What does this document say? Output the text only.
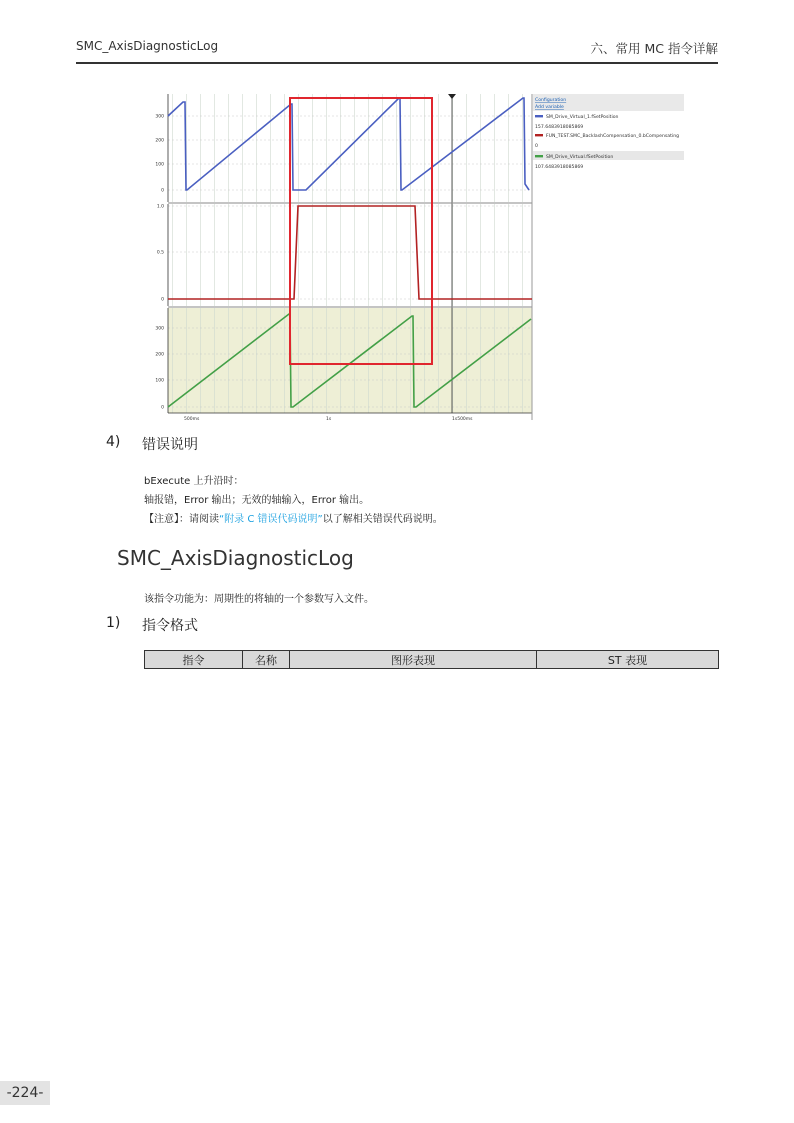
SMC_AxisDiagnosticLog	六、常用 MC 指令详解
300
200
100
0
1.0
0.5
0
300
200
100
0
500ms	1s	1s500ms
Configuration
Add variable
SM_Drive_Virtual_1.fSetPosition
157.6483918085869
FUN_TEST.SMC_BacklashCompensation_0.bCompensating
0
SM_Drive_Virtual.fSetPosition
107.6483918085869
4) 错误说明
bExecute 上升沿时：
轴报错，Error 输出；无效的轴输入，Error 输出。
【注意】：请阅读“附录 C 错误代码说明”以了解相关错误代码说明。
SMC_AxisDiagnosticLog
该指令功能为：周期性的将轴的一个参数写入文件。
1) 指令格式
指令	名称	图形表现	ST 表现
-224-
